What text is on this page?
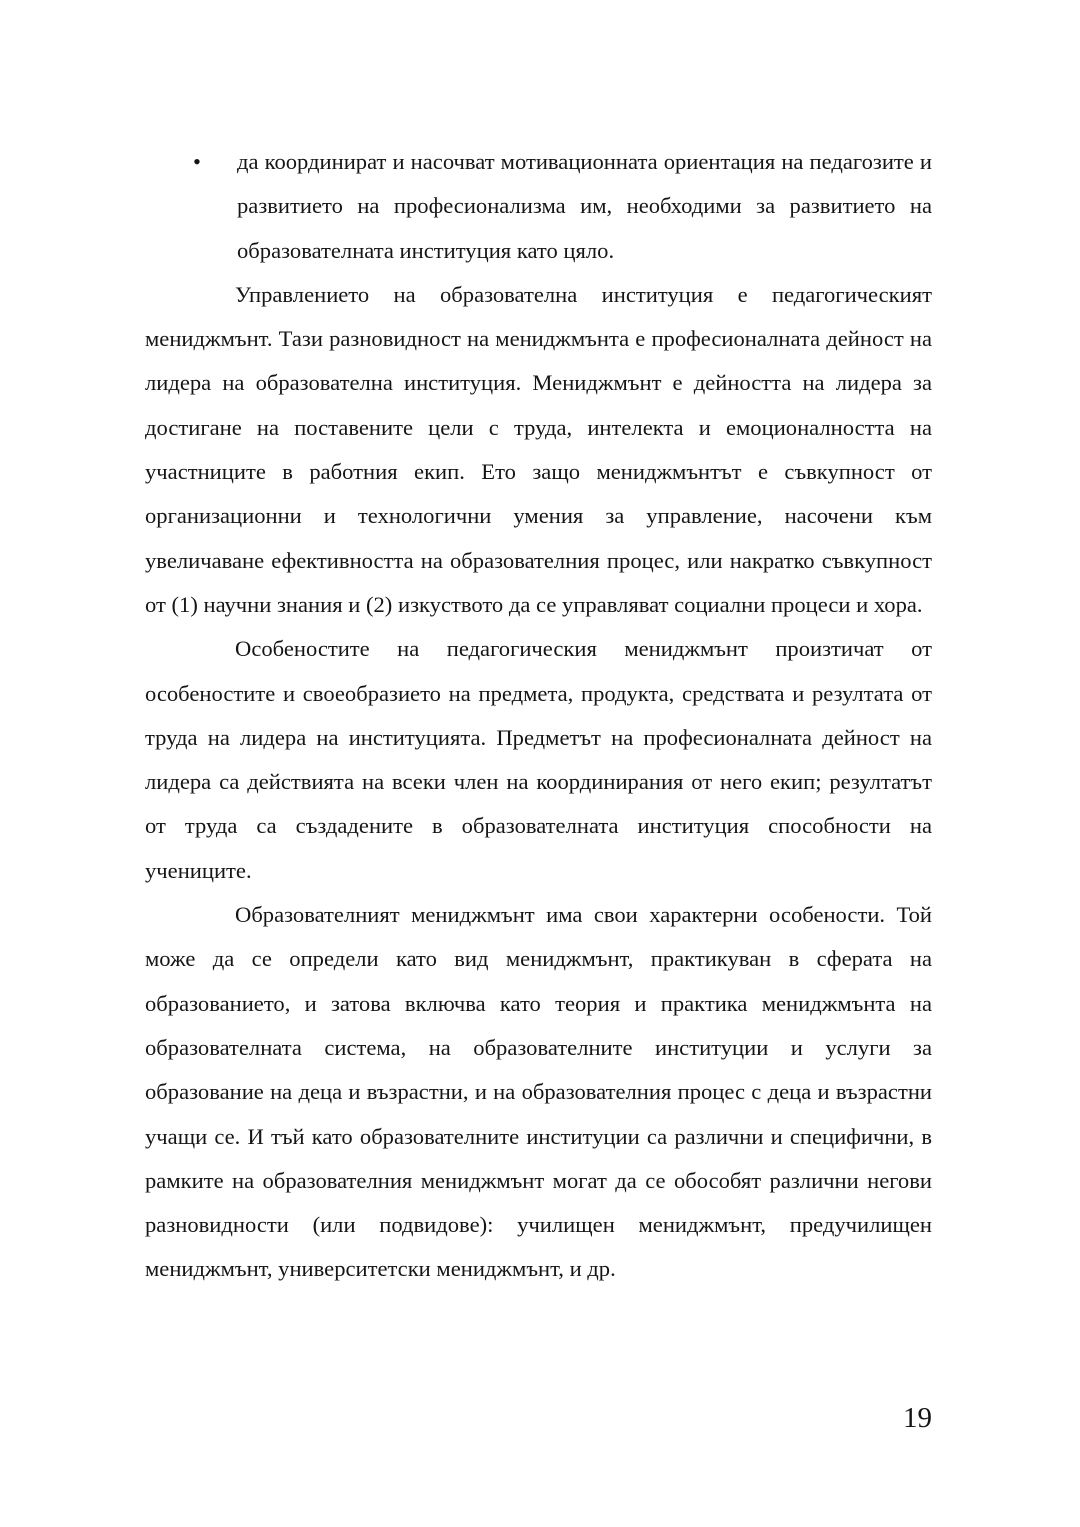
• да координират и насочват мотивационната ориентация на педагозите и развитието на професионализма им, необходими за развитието на образователната институция като цяло.

Управлението на образователна институция е педагогическият мениджмънт. Тази разновидност на мениджмънта е професионалната дейност на лидера на образователна институция. Мениджмънт е дейността на лидера за достигане на поставените цели с труда, интелекта и емоционалността на участниците в работния екип. Ето защо мениджмънтът е съвкупност от организационни и технологични умения за управление, насочени към увеличаване ефективността на образователния процес, или накратко съвкупност от (1) научни знания и (2) изкуството да се управляват социални процеси и хора.

Особеностите на педагогическия мениджмънт произтичат от особеностите и своеобразието на предмета, продукта, средствата и резултата от труда на лидера на институцията. Предметът на професионалната дейност на лидера са действията на всеки член на координирания от него екип; резултатът от труда са създадените в образователната институция способности на учениците.

Образователният мениджмънт има свои характерни особености. Той може да се определи като вид мениджмънт, практикуван в сферата на образованието, и затова включва като теория и практика мениджмънта на образователната система, на образователните институции и услуги за образование на деца и възрастни, и на образователния процес с деца и възрастни учащи се. И тъй като образователните институции са различни и специфични, в рамките на образователния мениджмънт могат да се обособят различни негови разновидности (или подвидове): училищен мениджмънт, предучилищен мениджмънт, университетски мениджмънт, и др.

19
